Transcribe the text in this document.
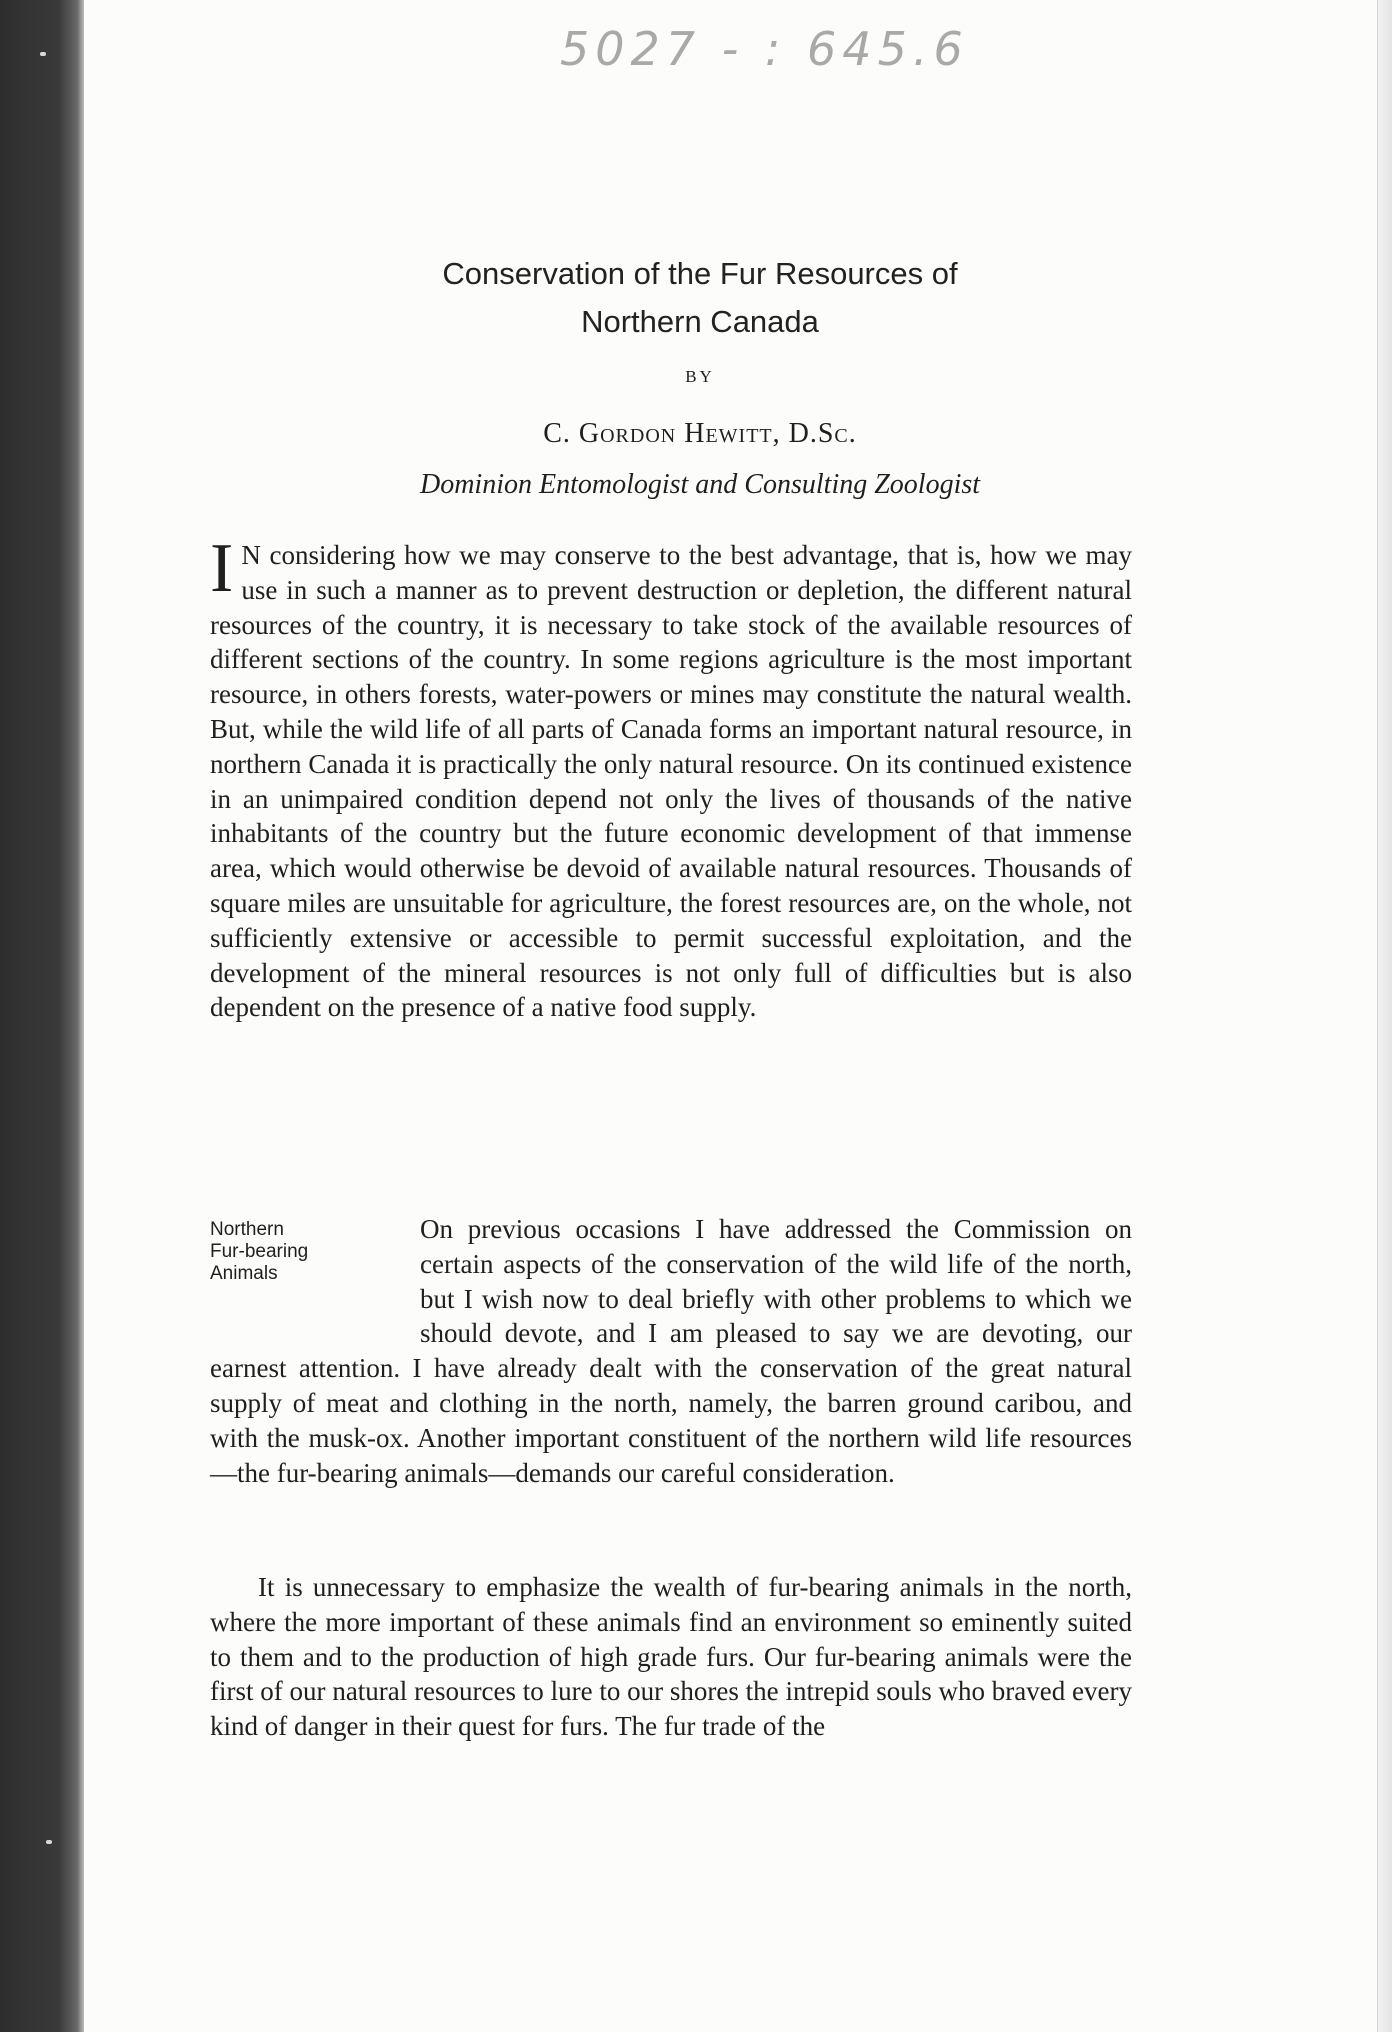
5027 - : 645.6
Conservation of the Fur Resources of
Northern Canada
BY
C. Gordon Hewitt, D.Sc.
Dominion Entomologist and Consulting Zoologist

I N considering how we may conserve to the best advantage, that is, how we may use in such a manner as to prevent destruction or depletion, the different natural resources of the country, it is necessary to take stock of the available resources of different sections of the country. In some regions agriculture is the most important resource, in others forests, water-powers or mines may constitute the natural wealth. But, while the wild life of all parts of Canada forms an important natural resource, in northern Canada it is practically the only natural resource. On its continued existence in an unimpaired condition depend not only the lives of thousands of the native inhabitants of the country but the future economic development of that immense area, which would otherwise be devoid of available natural resources. Thousands of square miles are unsuitable for agriculture, the forest resources are, on the whole, not sufficiently extensive or accessible to permit successful exploitation, and the development of the mineral resources is not only full of difficulties but is also dependent on the presence of a native food supply.

Northern
Fur-bearing
Animals

On previous occasions I have addressed the Commission on certain aspects of the conservation of the wild life of the north, but I wish now to deal briefly with other problems to which we should devote, and I am pleased to say we are devoting, our earnest attention. I have already dealt with the conservation of the great natural supply of meat and clothing in the north, namely, the barren ground caribou, and with the musk-ox. Another important constituent of the northern wild life resources—the fur-bearing animals—demands our careful consideration.

It is unnecessary to emphasize the wealth of fur-bearing animals in the north, where the more important of these animals find an environment so eminently suited to them and to the production of high grade furs. Our fur-bearing animals were the first of our natural resources to lure to our shores the intrepid souls who braved every kind of danger in their quest for furs. The fur trade of the
